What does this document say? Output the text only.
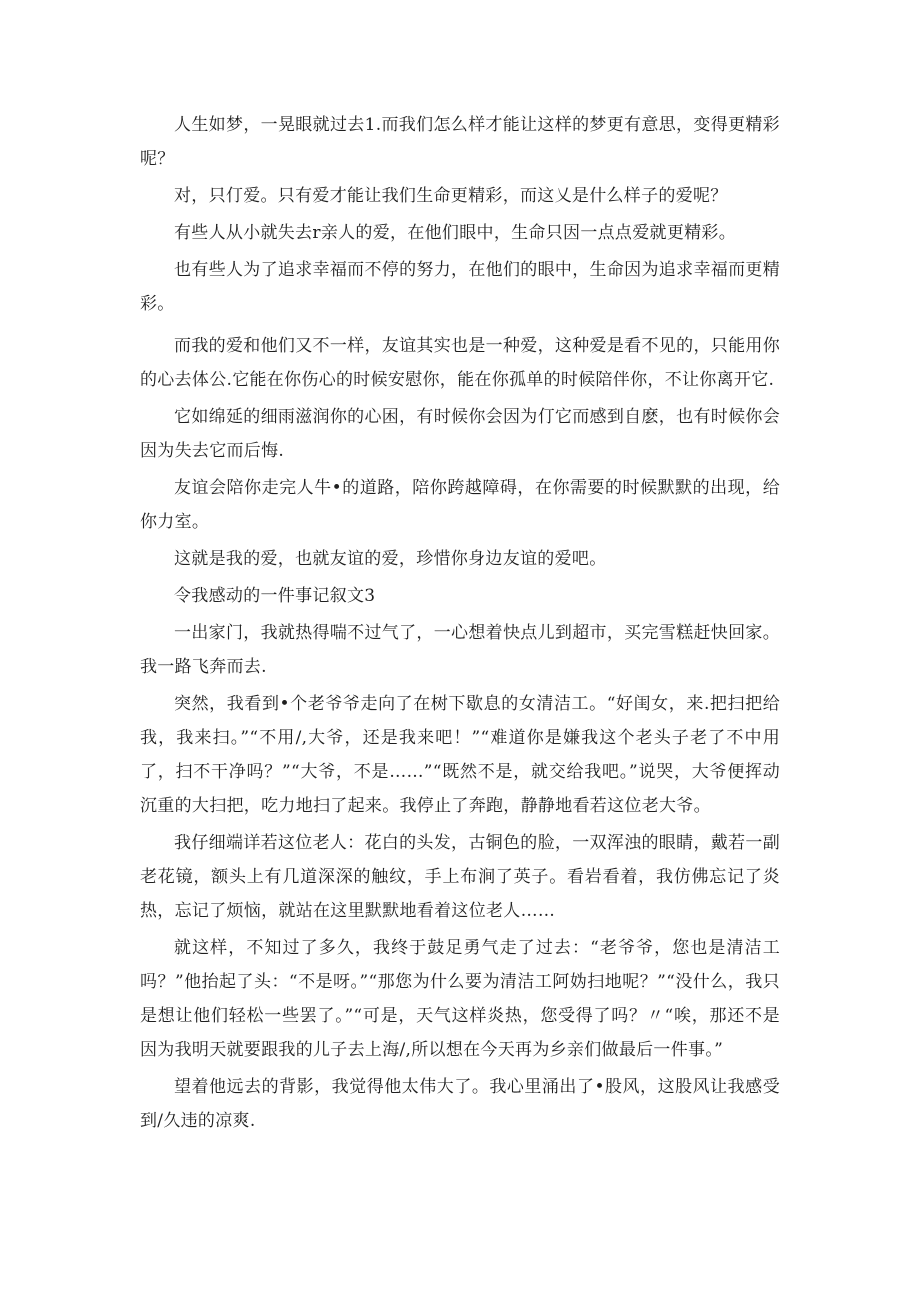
人生如梦，一晃眼就过去1.而我们怎么样才能让这样的梦更有意思，变得更精彩呢？

对，只仃爱。只有爱才能让我们生命更精彩，而这乂是什么样子的爱呢？

有些人从小就失去r亲人的爱，在他们眼中，生命只因一点点爱就更精彩。

也有些人为了追求幸福而不停的努力，在他们的眼中，生命因为追求幸福而更精彩。

而我的爱和他们又不一样，友谊其实也是一种爱，这种爱是看不见的，只能用你的心去体公.它能在你伤心的时候安慰你，能在你孤单的时候陪伴你，不让你离开它.

它如绵延的细雨滋润你的心困，有时候你会因为仃它而感到自麽，也有时候你会因为失去它而后悔.

友谊会陪你走完人牛•的道路，陪你跨越障碍，在你需要的时候默默的出现，给你力室。

这就是我的爱，也就友谊的爱，珍惜你身边友谊的爱吧。

令我感动的一件事记叙文3

一出家门，我就热得喘不过气了，一心想着快点儿到超市，买完雪糕赶快回家。我一路飞奔而去.

突然，我看到•个老爷爷走向了在树下歇息的女清洁工。“好闺女，来.把扫把给我，我来扫。”“不用/,大爷，还是我来吧！”“难道你是嫌我这个老头子老了不中用了，扫不干净吗？”“大爷，不是……”“既然不是，就交给我吧。”说哭，大爷便挥动沉重的大扫把，吃力地扫了起来。我停止了奔跑，静静地看若这位老大爷。

我仔细端详若这位老人：花白的头发，古铜色的脸，一双浑浊的眼睛，戴若一副老花镜，额头上有几道深深的触纹，手上布涧了英子。看岩看着，我仿佛忘记了炎热，忘记了烦恼，就站在这里默默地看着这位老人……

就这样，不知过了多久，我终于鼓足勇气走了过去：“老爷爷，您也是清洁工吗？”他抬起了头：“不是呀。”“那您为什么要为清洁工阿妫扫地呢？”“没什么，我只是想让他们轻松一些罢了。”“可是，天气这样炎热，您受得了吗？〃“唉，那还不是因为我明天就要跟我的儿子去上海/,所以想在今天再为乡亲们做最后一件事。”

望着他远去的背影，我觉得他太伟大了。我心里涌出了•股风，这股风让我感受到/久违的凉爽.
